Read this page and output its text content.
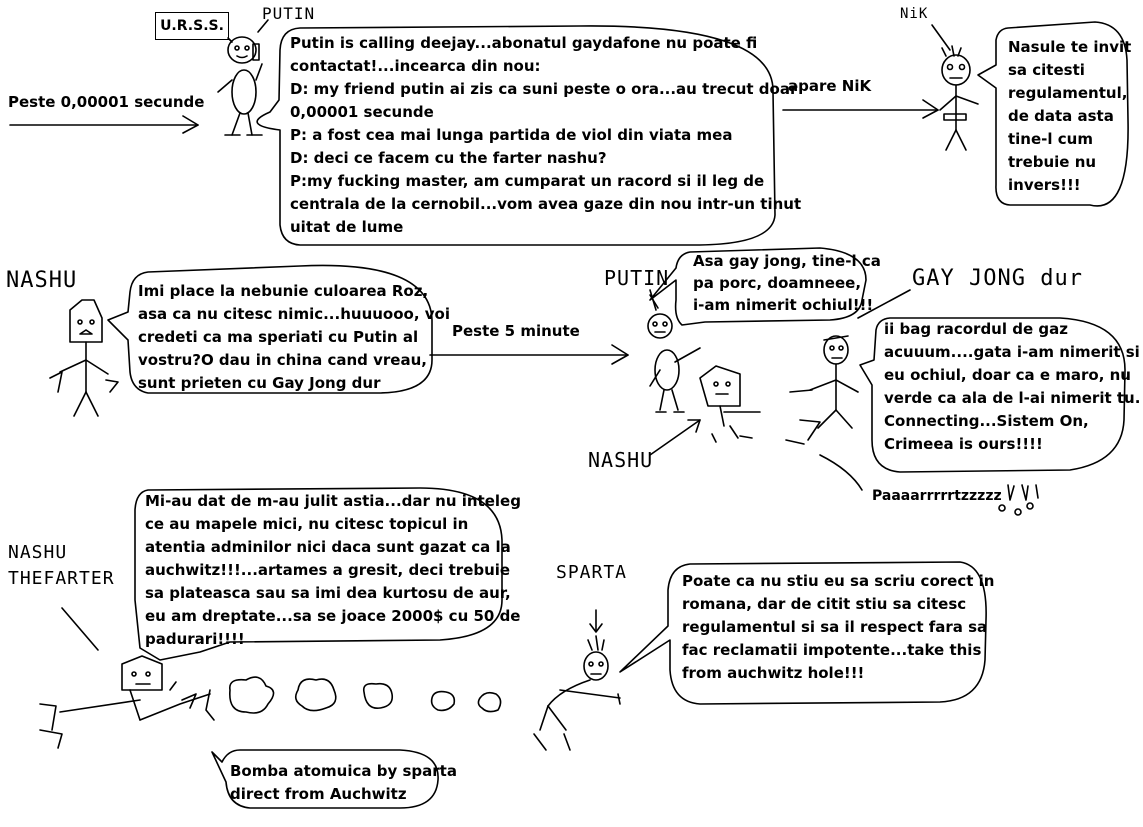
U.R.S.S.
PUTIN
Peste 0,00001 secunde
Putin is calling deejay...abonatul gaydafone nu poate fi
contactat!...incearca din nou:
D: my friend putin ai zis ca suni peste o ora...au trecut doar
0,00001 secunde
P: a fost cea mai lunga partida de viol din viata mea
D: deci ce facem cu the farter nashu?
P:my fucking master, am cumparat un racord si il leg de
centrala de la cernobil...vom avea gaze din nou intr-un tinut
uitat de lume
apare NiK
NiK
Nasule te invit
sa citesti
regulamentul,
de data asta
tine-l cum
trebuie nu
invers!!!
NASHU	Imi place la nebunie culoarea Roz,
asa ca nu citesc nimic...huuuooo, voi
credeti ca ma speriati cu Putin al
vostru?O dau in china cand vreau,
sunt prieten cu Gay Jong dur
Peste 5 minute
PUTIN
Asa gay jong, tine-l ca
pa porc, doamneee,
i-am nimerit ochiul!!!
GAY JONG dur
ii bag racordul de gaz
acuuum....gata i-am nimerit si
eu ochiul, doar ca e maro, nu
verde ca ala de l-ai nimerit tu.
Connecting...Sistem On,
Crimeea is ours!!!!
NASHU
Paaaarrrrrtzzzzz
NASHU
THEFARTER
Mi-au dat de m-au julit astia...dar nu inteleg
ce au mapele mici, nu citesc topicul in
atentia adminilor nici daca sunt gazat ca la
auchwitz!!!...artames a gresit, deci trebuie
sa plateasca sau sa imi dea kurtosu de aur,
eu am dreptate...sa se joace 2000$ cu 50 de
padurari!!!!
Bomba atomuica by sparta
direct from Auchwitz
SPARTA	Poate ca nu stiu eu sa scriu corect in
romana, dar de citit stiu sa citesc
regulamentul si sa il respect fara sa
fac reclamatii impotente...take this
from auchwitz hole!!!
